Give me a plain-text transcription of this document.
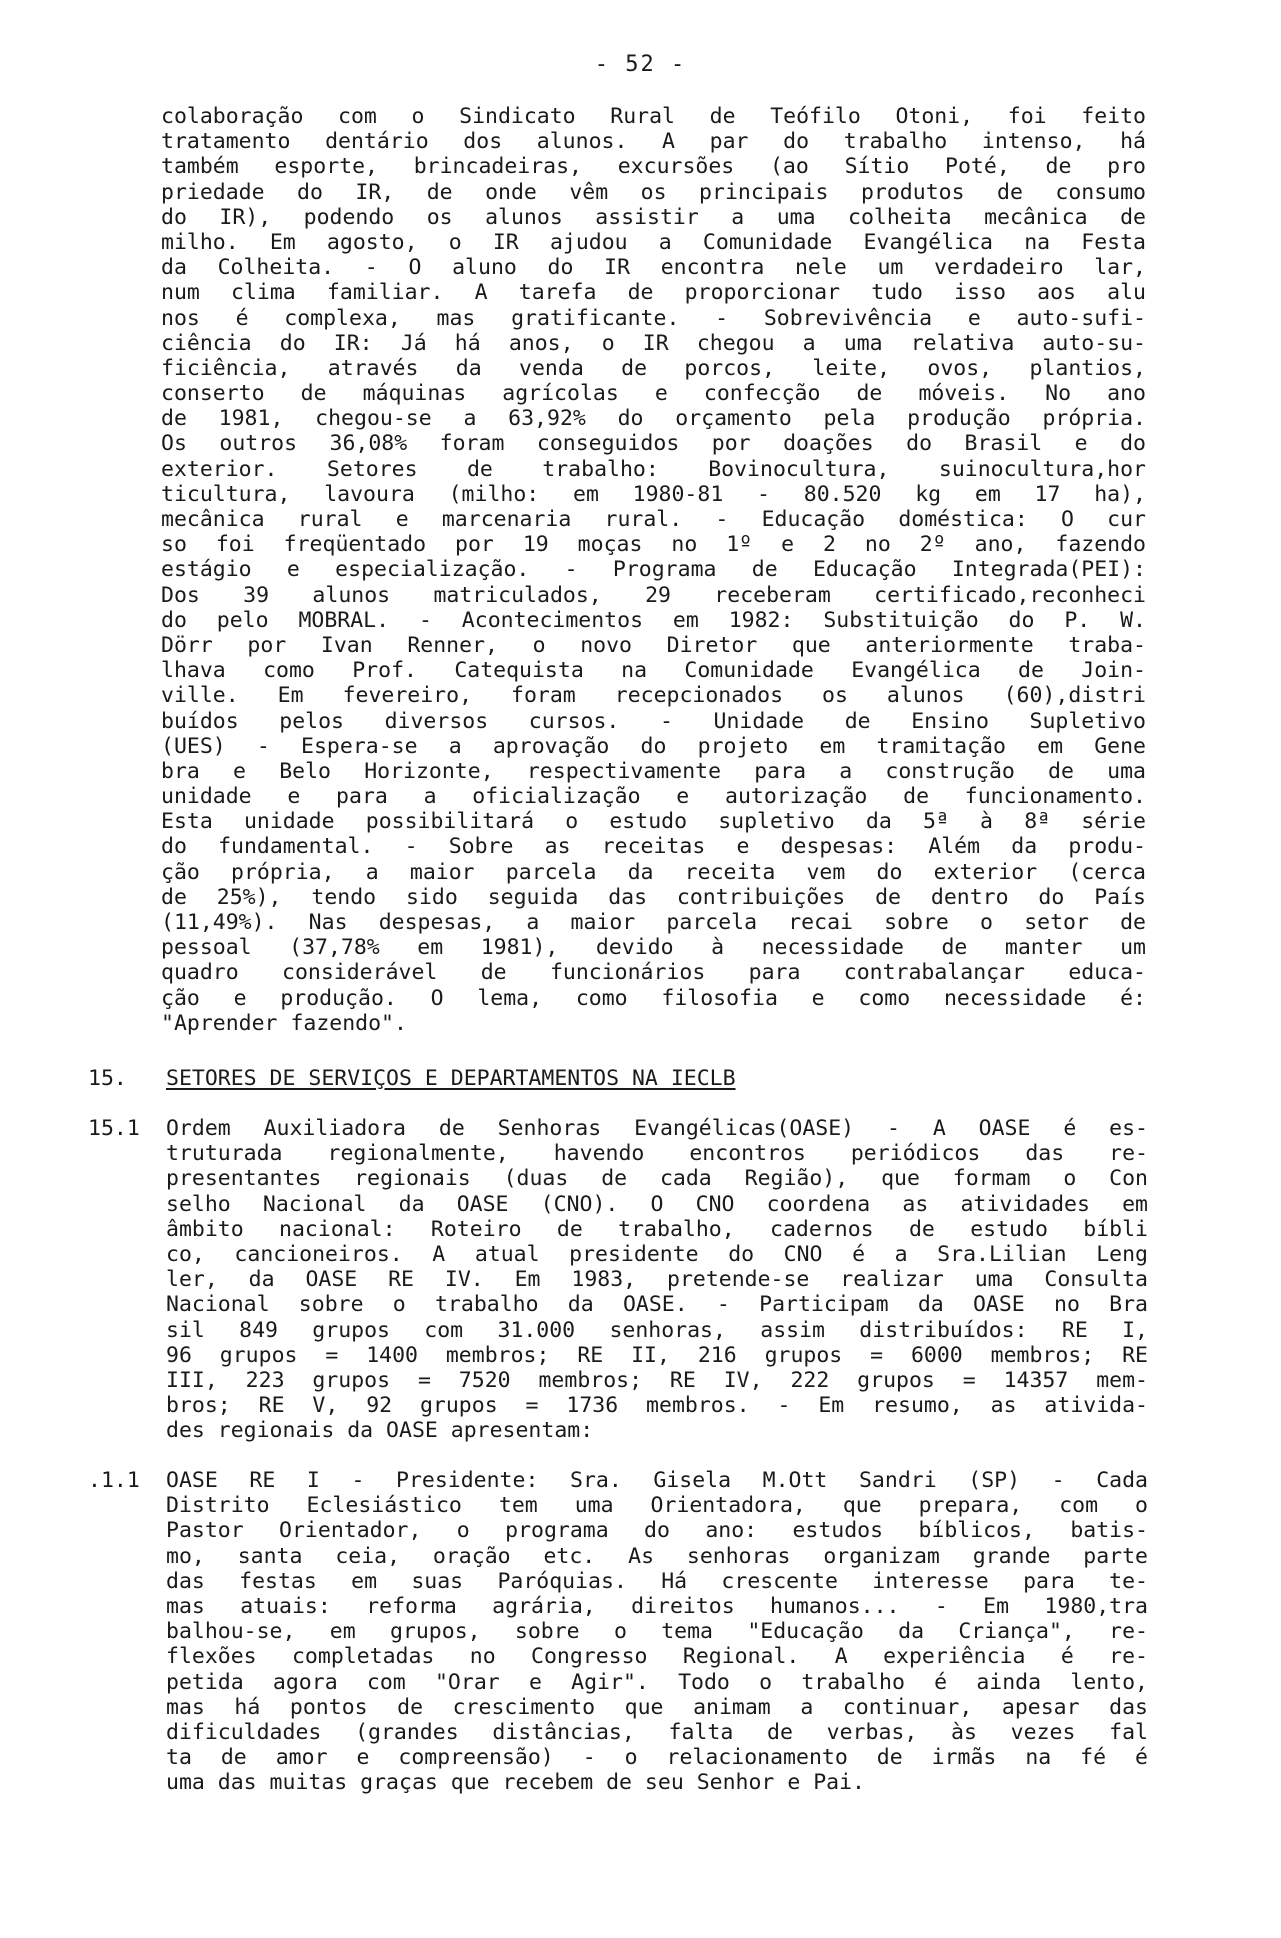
- 52 -
colaboração com o Sindicato Rural de Teófilo Otoni, foi feito
tratamento dentário dos alunos. A par do trabalho intenso, há
também esporte, brincadeiras, excursões (ao Sítio Poté, de pro
priedade do IR, de onde vêm os principais produtos de consumo
do IR), podendo os alunos assistir a uma colheita mecânica de
milho. Em agosto, o IR ajudou a Comunidade Evangélica na Festa
da Colheita. - O aluno do IR encontra nele um verdadeiro lar,
num clima familiar. A tarefa de proporcionar tudo isso aos alu
nos é complexa, mas gratificante. - Sobrevivência e auto-sufi-
ciência do IR: Já há anos, o IR chegou a uma relativa auto-su-
ficiência, através da venda de porcos, leite, ovos, plantios,
conserto de máquinas agrícolas e confecção de móveis. No ano
de 1981, chegou-se a 63,92% do orçamento pela produção própria.
Os outros 36,08% foram conseguidos por doações do Brasil e do
exterior. Setores de trabalho: Bovinocultura, suinocultura,hor
ticultura, lavoura (milho: em 1980-81 - 80.520 kg em 17 ha),
mecânica rural e marcenaria rural. - Educação doméstica: O cur
so foi freqüentado por 19 moças no 1º e 2 no 2º ano, fazendo
estágio e especialização. - Programa de Educação Integrada(PEI):
Dos 39 alunos matriculados, 29 receberam certificado,reconheci
do pelo MOBRAL. - Acontecimentos em 1982: Substituição do P. W.
Dörr por Ivan Renner, o novo Diretor que anteriormente traba-
lhava como Prof. Catequista na Comunidade Evangélica de Join-
ville. Em fevereiro, foram recepcionados os alunos (60),distri
buídos pelos diversos cursos. - Unidade de Ensino Supletivo
(UES) - Espera-se a aprovação do projeto em tramitação em Gene
bra e Belo Horizonte, respectivamente para a construção de uma
unidade e para a oficialização e autorização de funcionamento.
Esta unidade possibilitará o estudo supletivo da 5ª à 8ª série
do fundamental. - Sobre as receitas e despesas: Além da produ-
ção própria, a maior parcela da receita vem do exterior (cerca
de 25%), tendo sido seguida das contribuições de dentro do País
(11,49%). Nas despesas, a maior parcela recai sobre o setor de
pessoal (37,78% em 1981), devido à necessidade de manter um
quadro considerável de funcionários para contrabalançar educa-
ção e produção. O lema, como filosofia e como necessidade é:
"Aprender fazendo".
15. SETORES DE SERVIÇOS E DEPARTAMENTOS NA IECLB
15.1 Ordem Auxiliadora de Senhoras Evangélicas(OASE) - A OASE é es-
truturada regionalmente, havendo encontros periódicos das re-
presentantes regionais (duas de cada Região), que formam o Con
selho Nacional da OASE (CNO). O CNO coordena as atividades em
âmbito nacional: Roteiro de trabalho, cadernos de estudo bíbli
co, cancioneiros. A atual presidente do CNO é a Sra.Lilian Leng
ler, da OASE RE IV. Em 1983, pretende-se realizar uma Consulta
Nacional sobre o trabalho da OASE. - Participam da OASE no Bra
sil 849 grupos com 31.000 senhoras, assim distribuídos: RE I,
96 grupos = 1400 membros; RE II, 216 grupos = 6000 membros; RE
III, 223 grupos = 7520 membros; RE IV, 222 grupos = 14357 mem-
bros; RE V, 92 grupos = 1736 membros. - Em resumo, as ativida-
des regionais da OASE apresentam:
.1.1 OASE RE I - Presidente: Sra. Gisela M.Ott Sandri (SP) - Cada
Distrito Eclesiástico tem uma Orientadora, que prepara, com o
Pastor Orientador, o programa do ano: estudos bíblicos, batis-
mo, santa ceia, oração etc. As senhoras organizam grande parte
das festas em suas Paróquias. Há crescente interesse para te-
mas atuais: reforma agrária, direitos humanos... - Em 1980,tra
balhou-se, em grupos, sobre o tema "Educação da Criança", re-
flexões completadas no Congresso Regional. A experiência é re-
petida agora com "Orar e Agir". Todo o trabalho é ainda lento,
mas há pontos de crescimento que animam a continuar, apesar das
dificuldades (grandes distâncias, falta de verbas, às vezes fal
ta de amor e compreensão) - o relacionamento de irmãs na fé é
uma das muitas graças que recebem de seu Senhor e Pai.
